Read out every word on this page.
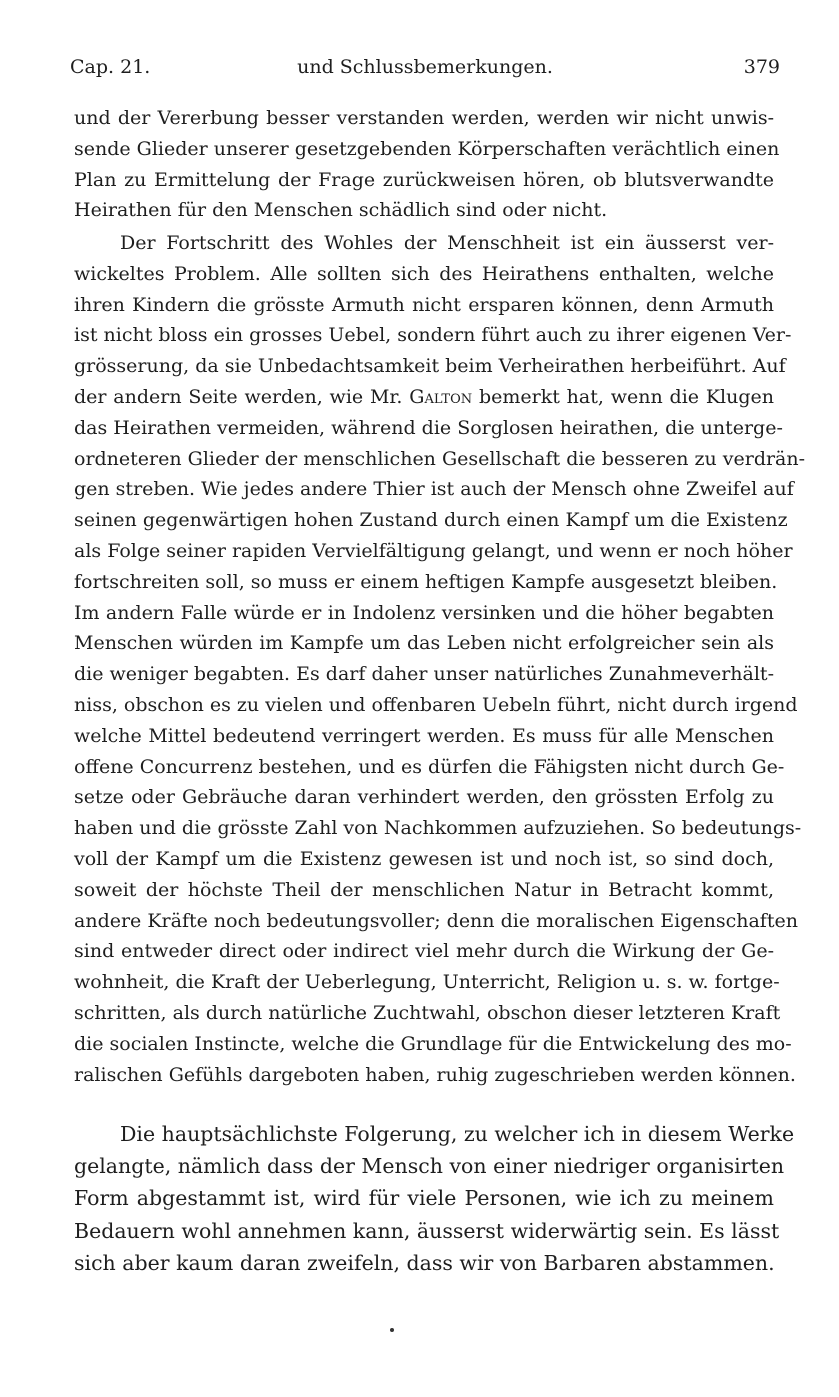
Cap. 21.	und Schlussbemerkungen.	379
und der Vererbung besser verstanden werden, werden wir nicht unwis-
sende Glieder unserer gesetzgebenden Körperschaften verächtlich einen
Plan zu Ermittelung der Frage zurückweisen hören, ob blutsverwandte
Heirathen für den Menschen schädlich sind oder nicht.
Der Fortschritt des Wohles der Menschheit ist ein äusserst ver-
wickeltes Problem. Alle sollten sich des Heirathens enthalten, welche
ihren Kindern die grösste Armuth nicht ersparen können, denn Armuth
ist nicht bloss ein grosses Uebel, sondern führt auch zu ihrer eigenen Ver-
grösserung, da sie Unbedachtsamkeit beim Verheirathen herbeiführt. Auf
der andern Seite werden, wie Mr. Galton bemerkt hat, wenn die Klugen
das Heirathen vermeiden, während die Sorglosen heirathen, die unterge-
ordneteren Glieder der menschlichen Gesellschaft die besseren zu verdrän-
gen streben. Wie jedes andere Thier ist auch der Mensch ohne Zweifel auf
seinen gegenwärtigen hohen Zustand durch einen Kampf um die Existenz
als Folge seiner rapiden Vervielfältigung gelangt, und wenn er noch höher
fortschreiten soll, so muss er einem heftigen Kampfe ausgesetzt bleiben.
Im andern Falle würde er in Indolenz versinken und die höher begabten
Menschen würden im Kampfe um das Leben nicht erfolgreicher sein als
die weniger begabten. Es darf daher unser natürliches Zunahmeverhält-
niss, obschon es zu vielen und offenbaren Uebeln führt, nicht durch irgend
welche Mittel bedeutend verringert werden. Es muss für alle Menschen
offene Concurrenz bestehen, und es dürfen die Fähigsten nicht durch Ge-
setze oder Gebräuche daran verhindert werden, den grössten Erfolg zu
haben und die grösste Zahl von Nachkommen aufzuziehen. So bedeutungs-
voll der Kampf um die Existenz gewesen ist und noch ist, so sind doch,
soweit der höchste Theil der menschlichen Natur in Betracht kommt,
andere Kräfte noch bedeutungsvoller; denn die moralischen Eigenschaften
sind entweder direct oder indirect viel mehr durch die Wirkung der Ge-
wohnheit, die Kraft der Ueberlegung, Unterricht, Religion u. s. w. fortge-
schritten, als durch natürliche Zuchtwahl, obschon dieser letzteren Kraft
die socialen Instincte, welche die Grundlage für die Entwickelung des mo-
ralischen Gefühls dargeboten haben, ruhig zugeschrieben werden können.
Die hauptsächlichste Folgerung, zu welcher ich in diesem Werke
gelangte, nämlich dass der Mensch von einer niedriger organisirten
Form abgestammt ist, wird für viele Personen, wie ich zu meinem
Bedauern wohl annehmen kann, äusserst widerwärtig sein. Es lässt
sich aber kaum daran zweifeln, dass wir von Barbaren abstammen.
